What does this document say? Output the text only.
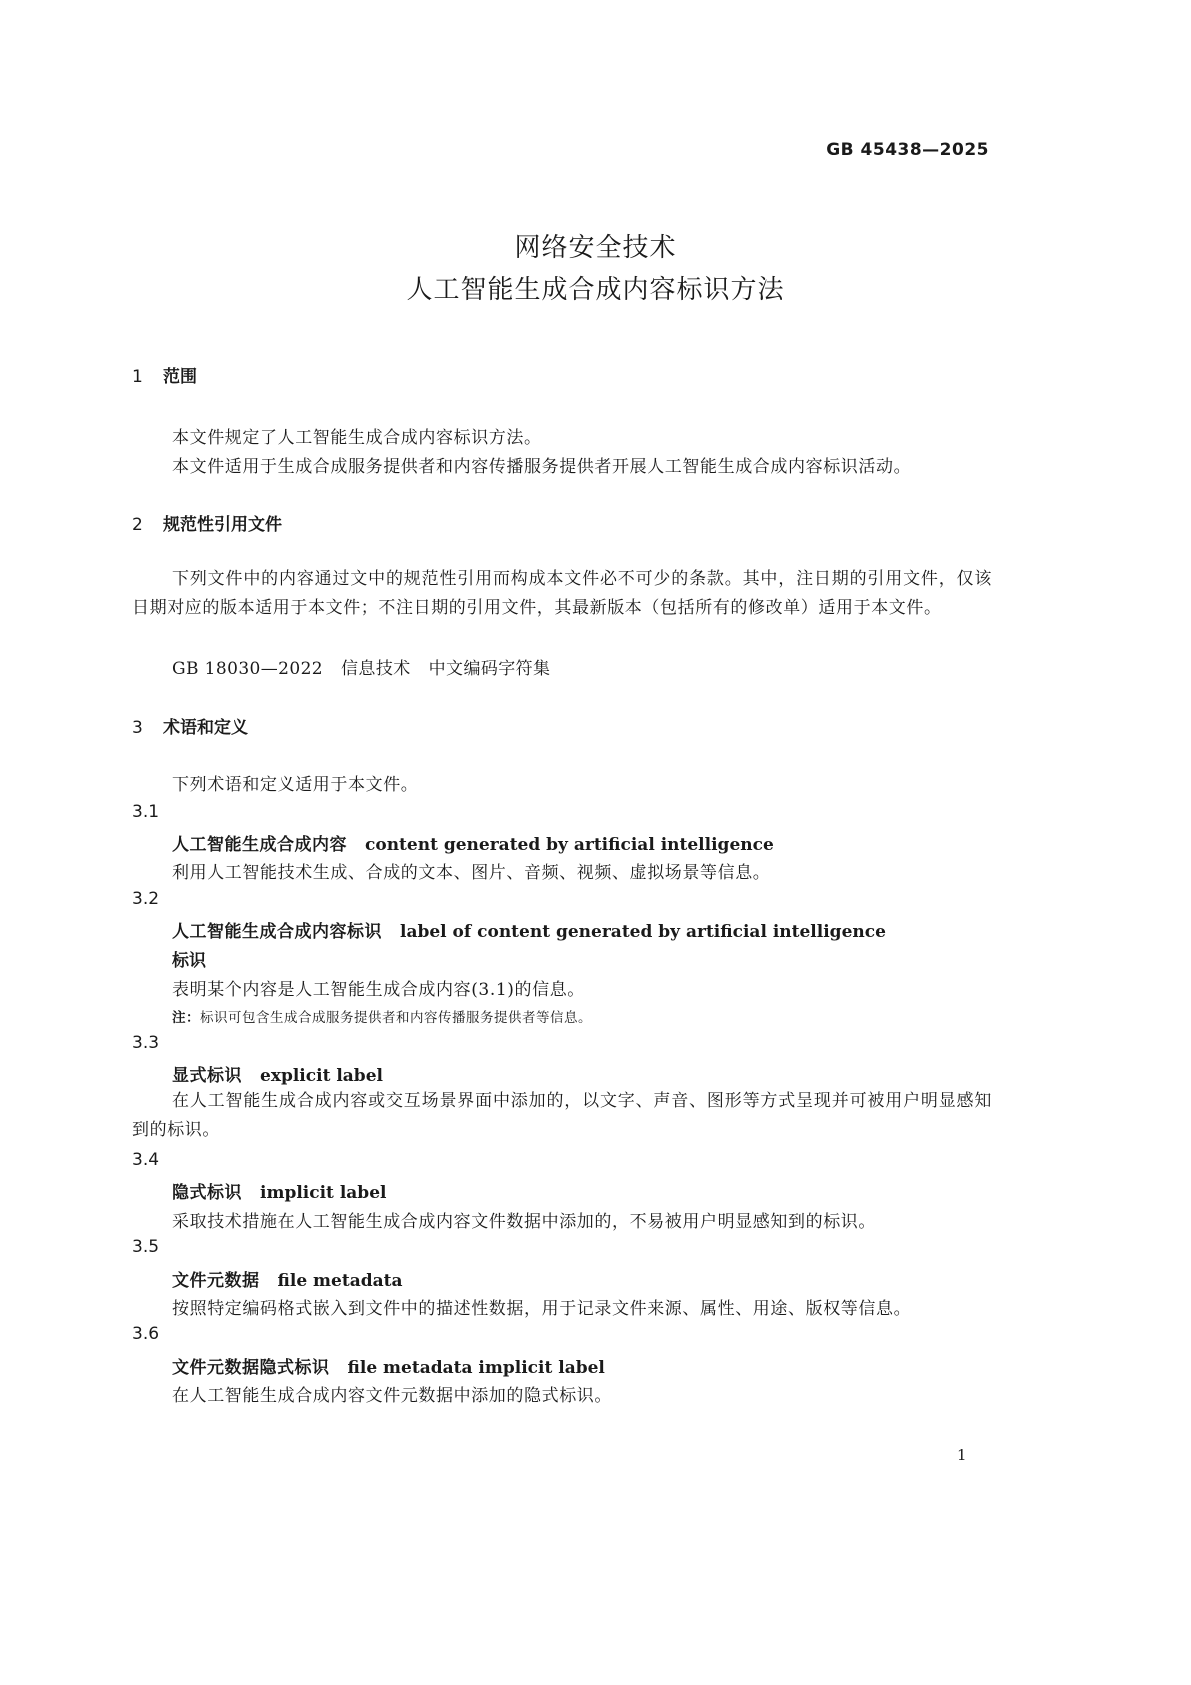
GB 45438—2025
网络安全技术
人工智能生成合成内容标识方法
1 范围
本文件规定了人工智能生成合成内容标识方法。
本文件适用于生成合成服务提供者和内容传播服务提供者开展人工智能生成合成内容标识活动。
2 规范性引用文件
下列文件中的内容通过文中的规范性引用而构成本文件必不可少的条款。其中，注日期的引用文件，仅该日期对应的版本适用于本文件；不注日期的引用文件，其最新版本（包括所有的修改单）适用于本文件。
GB 18030—2022 信息技术 中文编码字符集
3 术语和定义
下列术语和定义适用于本文件。
3.1
人工智能生成合成内容 content generated by artificial intelligence
利用人工智能技术生成、合成的文本、图片、音频、视频、虚拟场景等信息。
3.2
人工智能生成合成内容标识 label of content generated by artificial intelligence
标识
表明某个内容是人工智能生成合成内容(3.1)的信息。
注：标识可包含生成合成服务提供者和内容传播服务提供者等信息。
3.3
显式标识 explicit label
在人工智能生成合成内容或交互场景界面中添加的，以文字、声音、图形等方式呈现并可被用户明显感知到的标识。
3.4
隐式标识 implicit label
采取技术措施在人工智能生成合成内容文件数据中添加的，不易被用户明显感知到的标识。
3.5
文件元数据 file metadata
按照特定编码格式嵌入到文件中的描述性数据，用于记录文件来源、属性、用途、版权等信息。
3.6
文件元数据隐式标识 file metadata implicit label
在人工智能生成合成内容文件元数据中添加的隐式标识。
1
